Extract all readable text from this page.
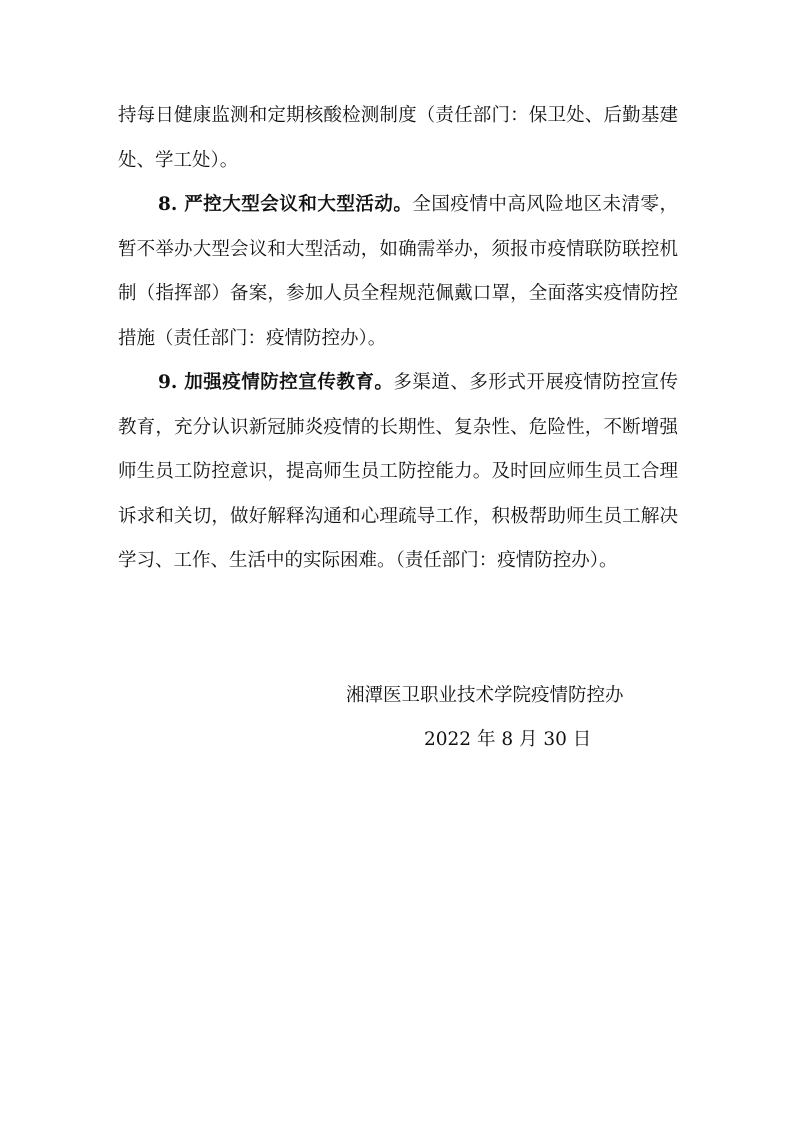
持每日健康监测和定期核酸检测制度（责任部门：保卫处、后勤基建处、学工处）。

8. 严控大型会议和大型活动。全国疫情中高风险地区未清零，暂不举办大型会议和大型活动，如确需举办，须报市疫情联防联控机制（指挥部）备案，参加人员全程规范佩戴口罩，全面落实疫情防控措施（责任部门：疫情防控办）。

9. 加强疫情防控宣传教育。多渠道、多形式开展疫情防控宣传教育，充分认识新冠肺炎疫情的长期性、复杂性、危险性，不断增强师生员工防控意识，提高师生员工防控能力。及时回应师生员工合理诉求和关切，做好解释沟通和心理疏导工作，积极帮助师生员工解决学习、工作、生活中的实际困难。（责任部门：疫情防控办）。

湘潭医卫职业技术学院疫情防控办

2022 年 8 月 30 日
